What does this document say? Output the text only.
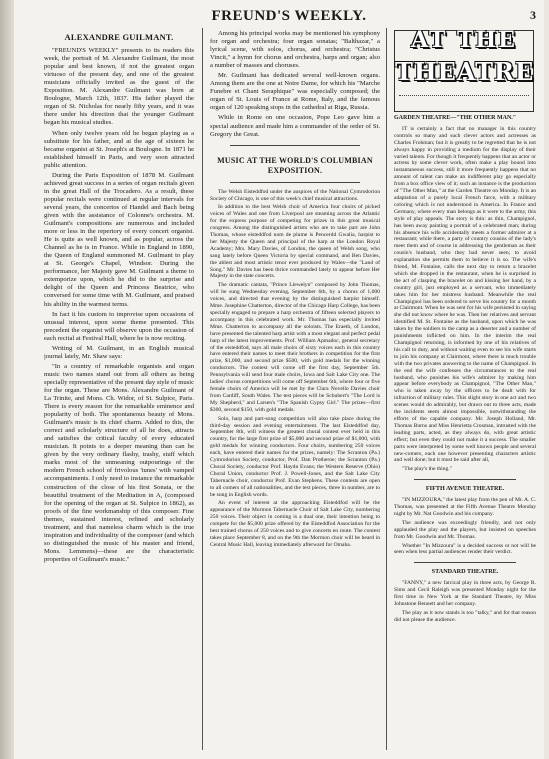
FREUND'S WEEKLY.	3
ALEXANDRE GUILMANT.

"FREUND'S WEEKLY" presents to its readers this week, the portrait of M. Alexandre Guilmant, the most popular and best known, if not the greatest organ virtuoso of the present day, and one of the greatest musicians officially invited as the guest of the Exposition. M. Alexandre Guilmant was born at Boulogne, March 12th, 1837. His father played the organ of St. Nicholas for nearly fifty years, and it was there under his direction that the younger Guilmant began his musical studies.

When only twelve years old he began playing as a substitute for his father, and at the age of sixteen he became organist at St. Joseph's at Boulogne. In 1871 he established himself in Paris, and very soon attracted public attention.

During the Paris Exposition of 1878 M. Guilmant achieved great success in a series of organ recitals given in the great Hall of the Trocadero. As a result, these popular recitals were continued at regular intervals for several years, the concertos of Handel and Bach being given with the assistance of Colonne's orchestra. M. Guilmant's compositions are numerous and included more or less in the repertory of every concert organist. He is quite as well known, and as popular, across the Channel as he is in France. While in England in 1890, the Queen of England summoned M. Guilmant to play at St. George's Chapel, Windsor. During the performance, her Majesty gave M. Guilmant a theme to extemporize upon, which he did to the surprise and delight of the Queen and Princess Beatrice, who conversed for some time with M. Guilmant, and praised his ability in the warmest terms.

In fact it his custom to improvise upon occasions of unusual interest, upon some theme presented. This precedent the organist will observe upon the occasion of each recital at Festival Hall, where he is now reciting.

Writing of M. Guilmant, in an English musical journal lately, Mr. Shaw says:

"In a country of remarkable organists and organ music two names stand out from all others as being specially representative of the present day style of music for the organ. These are Mons. Alexandre Guilmant of La Trinite, and Mons. Ch. Widor, of St. Sulpice, Paris. There is every reason for the remarkable eminence and popularity of both. The spontaneous beauty of Mons. Guilmant's music is its chief charm. Added to this, the correct and scholarly structure of all he does, attracts and satisfies the critical faculty of every educated musician. It points to a deeper meaning than can be given by the very ordinary flashy, trashy, stuff which marks most of the unmeaning outpourings of the modern French school of frivolous 'tunes' with vamped accompaniments. I only need to instance the remarkable construction of the close of his first Sonata, or the beautiful treatment of the Meditation in A, (composed for the opening of the organ at St. Sulpice in 1862), as proofs of the fine workmanship of this composer. Fine themes, sustained interest, refined and scholarly treatment, and that nameless charm which is the true inspiration and individuality of the composer (and which so distinguished the music of his master and friend, Mons. Lemmens)—these are the characteristic properties of Guilmant's music."

Among his principal works may be mentioned his symphony for organ and orchestra; four organ sonatas; "Balthazar," a lyrical scene, with solos, chorus, and orchestra; "Christus Vincit," a hymn for chorus and orchestra, harps and organ; also a number of masses and choruses.

Mr. Guilmant has dedicated several well-known organs. Among them are the one at Notre Dame, for which his "Marche Funebre et Chant Seraphique" was especially composed; the organ of St. Louis of France at Rome, Italy, and the famous organ of 120 speaking stops in the cathedral at Riga, Russia.

While in Rome on one occasion, Pope Leo gave him a special audience and made him a commander of the order of St. Gregory the Great.

MUSIC AT THE WORLD'S COLUMBIAN EXPOSITION.

The Welsh Eisteddfod under the auspices of the National Cymrodorion Society of Chicago, is one of this week's chief musical attractions.

In addition to the best Welsh choir of America four choirs of picked voices of Wales and one from Liverpool are steaming across the Atlantic for the express purpose of competing for prizes in this great musical congress. Among the distinguished artists who are to take part are John Thomas, whose eisteddfod nom de plume is Pencerdd Gwalia, harpist to her Majesty the Queen and principal of the harp at the London Royal Academy; Mrs. Mary Davies, of London, the queen of Welsh song, who sang lately before Queen Victoria by special command, and Ben Davies, the ablest and most artistic tenor ever produced by Wales—the "Land of Song." Mr. Davies has been thrice commanded lately to appear before Her Majesty in the state concerts.

The dramatic cantata, "Prince Llewelyn" composed by John Thomas, will be sung Wednesday evening, September 6th, by a chorus of 1,000 voices, and directed that evening by the distinguished harpist himself. Mme. Josephine Chatterton, director of the Chicago Harp College, has been specially engaged to prepare a harp orchestra of fifteen selected players to accompany in this celebrated work. Mr. Thomas has especially invited Mme. Chatterton to accompany all the soloists. The Eraeth, of London, have presented the talented harp artist with a most elegant and perfect pedal harp of the latest improvements. Prof. William Apmadoc, general secretary of the eisteddfod, says all male choirs of sixty voices each in this country have entered their names to meet their brothers in competition for the first prize, $1,000, and second prize $500, with gold medals for the winning conductors. The contest will come off the first day, September 5th. Pennsylvania will send four male choirs, Iowa and Salt Lake City one. The ladies' chorus competitions will come off September 6th, where four or five female choirs of America will be met by the Clara Novello Davies choir from Cardiff, South Wales. The test pieces will be Schubert's "The Lord is My Shepherd," and Larsen's "The Spanish Gypsy Girl." The prizes—first $300, second $150, with gold medals.

Solo, harp and part-song competition will also take place during the third-day session and evening entertainment. The last Eisteddfod day, September 8th, will witness the greatest choral contest ever held in this country, for the large first prize of $5,000 and second prize of $1,000, with gold medals for winning conductors. Four choirs, numbering 250 voices each, have entered their names for the prizes, namely: The Scranton (Pa.) Cymrodorion Society, conductor, Prof. Dan Protheroe; the Scranton (Pa.) Choral Society, conductor Prof. Haydn Evans; the Western Reserve (Ohio) Choral Union, conductor Prof. J. Powell-Jones, and the Salt Lake City Tabernacle choir, conductor Prof. Evan Stephens. These contests are open to all comers of all nationalities, and the test pieces, three in number, are to be sung in English words.

An event of interest at the approaching Eisteddfod will be the appearance of the Mormon Tabernacle Choir of Salt Lake City, numbering 250 voices. Their object in coming is a dual one, their intention being to compete for the $5,000 prize offered by the Eisteddfod Association for the best trained chorus of 250 voices and to give concerts en route. The contest takes place September 8, and on the 9th the Mormon choir will be heard in Central Music Hall, leaving immediately afterward for Omaha.

AT THE
THEATRE
GARDEN THEATRE—"THE OTHER MAN."

IT is certainly a fact that no manager in this country controls so many and such clever actors and actresses as Charles Frohman; but it is greatly to be regretted that he is not always happy in providing a medium for the display of their varied talents. For though it frequently happens that an actor or actress by some clever work, often make a play bound into instantaneous success, still it more frequently happens that no amount of talent can make an indifferent play go especially from a box office view of it; such an instance is the production of "The Other Man," at the Garden Theatre on Monday. It is an adaptation of a purely local French farce, with a military coloring which is not understood in America. In France and Germany, where every man belongs as it were to the army, this style of play appeals. The story is thin: as thin, Champignol, has been away painting a portrait of a celebrated man; during his absence his wife accidentally meets a former admirer at a restaurant; while there, a party of country cousins of the lady's meet them and of course in addressing the gentleman as their cousin's husband, who they had never seen; to avoid explanation she permits them to believe it is so. The wife's friend, M. Fontaine, calls the next day to return a bracelet which she dropped in the restaurant, when he is surprised in the act of clasping the bracelet on and kissing her hand, by a country girl, just employed as a servant, who immediately takes him for her mistress husband. Meanwhile the real Champignol has been ordered to serve his country for a month at Clairmont. When he was sent for his wife persisted in saying she did not know where he was. Then her relatives and servant identified M. St. Fontaine as the husband, upon which he was taken by the soldiers to the camp as a deserter and a number of punishments inflicted on him. In the interim the real Champignol returning, is informed by one of his relatives of his call to duty, and without waiting even to see his wife starts to join his company at Clairmont, where there is much trouble with the two privates answering to the name of Champignol. In the end the wife confesses the circumstances to the real husband, who punishes his wife's admirer by making him appear before everybody as Champignol, "The Other Man," who is taken away by the officers to be dealt with for infraction of military rules. This slight story in one act and two scenes would do admirably, but drawn out to three acts, made the incidents seem almost impossible, notwithstanding the efforts of the capable company. Mr. Joseph Holland, Mr. Thomas Burns and Miss Henrietta Crosman, intrusted with the leading parts, acted, as they always do, with great artistic effect; but even they could not make it a success. The smaller parts were interpreted by some well known people and several new-comers, each one however presenting characters artistic and well done; but it must be said after all,

"The play's the thing."

FIFTH AVENUE THEATRE.

"IN MIZZOURA," the latest play from the pen of Mr. A. C. Thomas, was presented at the Fifth Avenue Theatre Monday night by Mr. Nat Goodwin and his company.

The audience was exceedingly friendly, and not only applauded the play and the players, but insisted on speeches from Mr. Goodwin and Mr. Thomas.

Whether "In Mizzoura" is a decided success or not will be seen when less partial audiences render their verdict.

STANDARD THEATRE.

"FANNY," a new farcical play in three acts, by George R. Sims and Cecil Raleigh was presented Monday night for the first time in New York at the Standard Theatre, by Miss Johnstone Bennett and her company.

The play as it now stands is too "talky," and for that reason did not please the audience.
